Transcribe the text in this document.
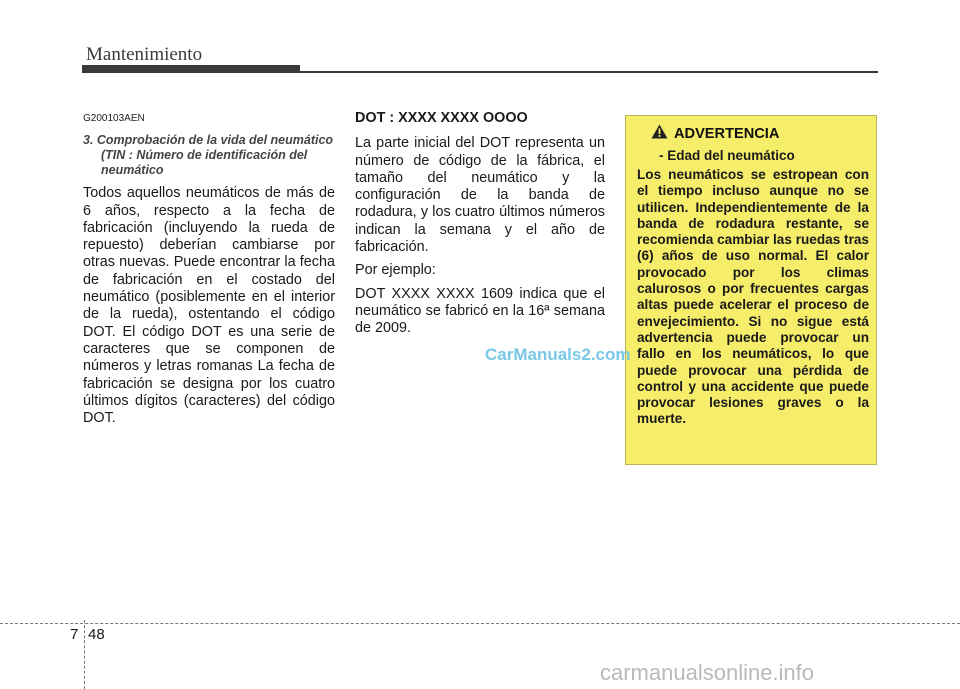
Mantenimiento
G200103AEN
3. Comprobación de la vida del neumático (TIN : Número de identificación del neumático

Todos aquellos neumáticos de más de 6 años, respecto a la fecha de fabricación (incluyendo la rueda de repuesto) deberían cambiarse por otras nuevas. Puede encontrar la fecha de fabricación en el costado del neumático (posiblemente en el interior de la rueda), ostentando el código DOT. El código DOT es una serie de caracteres que se componen de números y letras romanas La fecha de fabricación se designa por los cuatro últimos dígitos (caracteres) del código DOT.

DOT : XXXX XXXX OOOO

La parte inicial del DOT representa un número de código de la fábrica, el tamaño del neumático y la configuración de la banda de rodadura, y los cuatro últimos números indican la semana y el año de fabricación.

Por ejemplo:

DOT XXXX XXXX 1609 indica que el neumático se fabricó en la 16ª semana de 2009.

ADVERTENCIA
- Edad del neumático
Los neumáticos se estropean con el tiempo incluso aunque no se utilicen. Independientemente de la banda de rodadura restante, se recomienda cambiar las ruedas tras (6) años de uso normal. El calor provocado por los climas calurosos o por frecuentes cargas altas puede acelerar el proceso de envejecimiento. Si no sigue está advertencia puede provocar un fallo en los neumáticos, lo que puede provocar una pérdida de control y una accidente que puede provocar lesiones graves o la muerte.
CarManuals2.com
7 48
carmanualsonline.info
